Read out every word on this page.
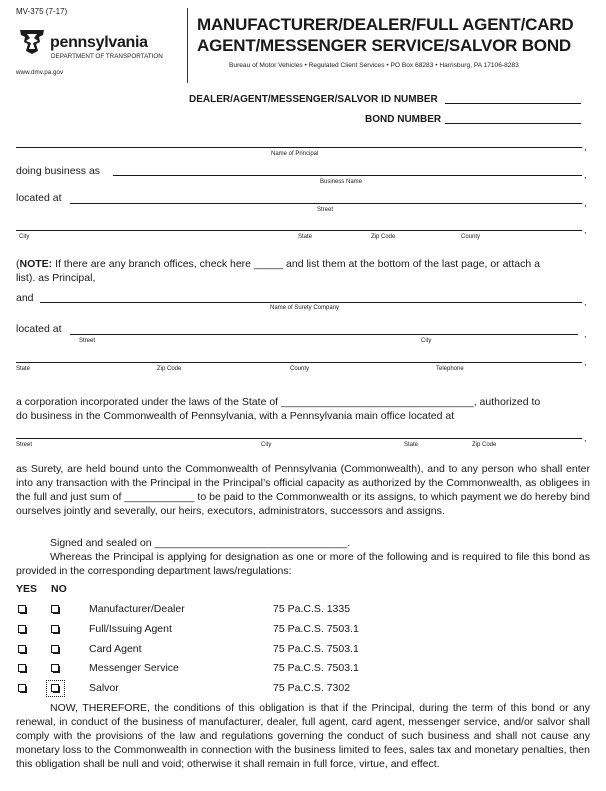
MV-375 (7-17)
pennsylvania
DEPARTMENT OF TRANSPORTATION
www.dmv.pa.gov
MANUFACTURER/DEALER/FULL AGENT/CARD
AGENT/MESSENGER SERVICE/SALVOR BOND
Bureau of Motor Vehicles • Regulated Client Services • PO Box 68283 • Harrisburg, PA 17106-8283
DEALER/AGENT/MESSENGER/SALVOR ID NUMBER
BOND NUMBER
,
Name of Principal
doing business as	,
Business Name
located at	,
Street
,
City	State	Zip Code	County
(NOTE: If there are any branch offices, check here _____ and list them at the bottom of the last page, or attach a
list). as Principal,
and	,
Name of Surety Company
located at	,
Street	City
,
State	Zip Code	County	Telephone
a corporation incorporated under the laws of the State of _________________________________, authorized to
do business in the Commonwealth of Pennsylvania, with a Pennsylvania main office located at
,
Street	City	State	Zip Code
as Surety, are held bound unto the Commonwealth of Pennsylvania (Commonwealth), and to any person who shall enter into any transaction with the Principal in the Principal’s official capacity as authorized by the Commonwealth, as obligees in the full and just sum of ____________ to be paid to the Commonwealth or its assigns, to which payment we do hereby bind ourselves jointly and severally, our heirs, executors, administrators, successors and assigns.
Signed and sealed on _________________________________.
Whereas the Principal is applying for designation as one or more of the following and is required to file this bond as provided in the corresponding department laws/regulations:
YES NO
Manufacturer/Dealer	75 Pa.C.S. 1335
Full/Issuing Agent	75 Pa.C.S. 7503.1
Card Agent	75 Pa.C.S. 7503.1
Messenger Service	75 Pa.C.S. 7503.1
Salvor	75 Pa.C.S. 7302
NOW, THEREFORE, the conditions of this obligation is that if the Principal, during the term of this bond or any renewal, in conduct of the business of manufacturer, dealer, full agent, card agent, messenger service, and/or salvor shall comply with the provisions of the law and regulations governing the conduct of such business and shall not cause any monetary loss to the Commonwealth in connection with the business limited to fees, sales tax and monetary penalties, then this obligation shall be null and void; otherwise it shall remain in full force, virtue, and effect.
